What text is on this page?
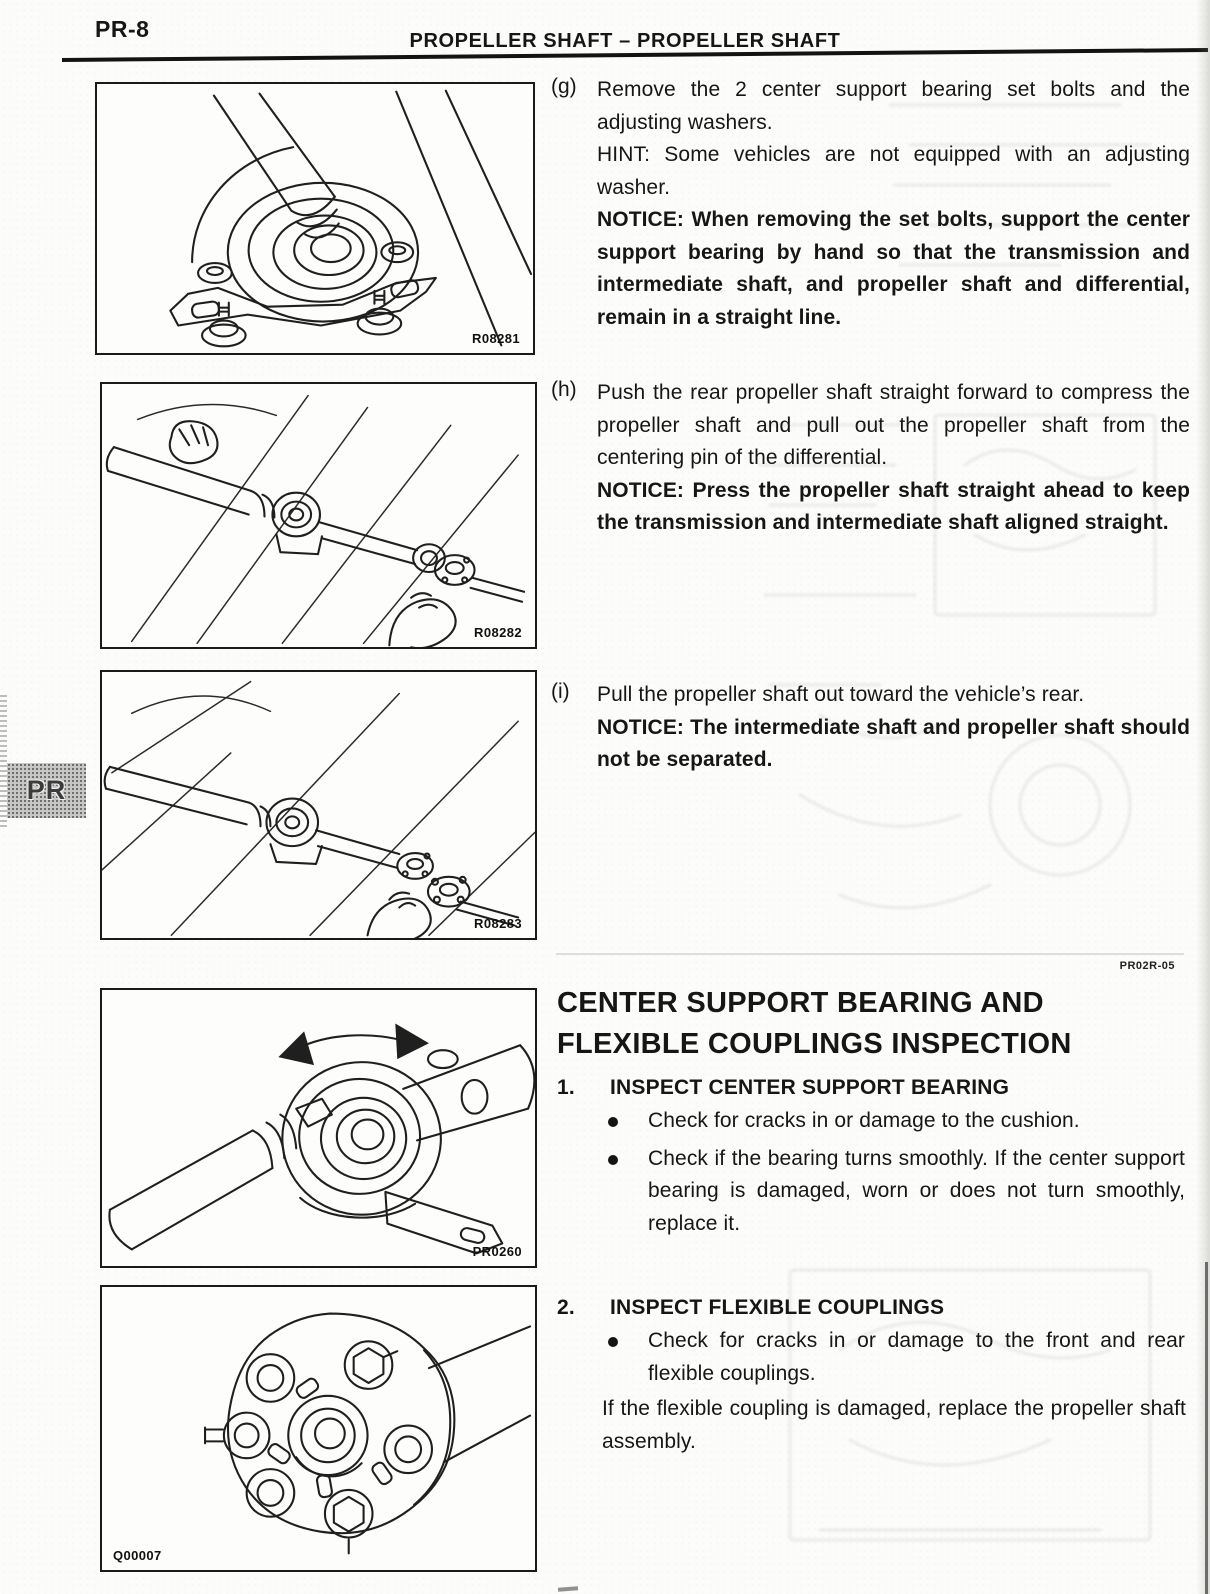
PR-8	PROPELLER SHAFT – PROPELLER SHAFT
PR
R08281
R08282
R08283
PR0260
Q00007
(g) Remove the 2 center support bearing set bolts and the adjusting washers.

HINT: Some vehicles are not equipped with an adjusting washer.

NOTICE: When removing the set bolts, support the center support bearing by hand so that the transmission and intermediate shaft, and propeller shaft and differential, remain in a straight line.

(h) Push the rear propeller shaft straight forward to compress the propeller shaft and pull out the propeller shaft from the centering pin of the differential.

NOTICE: Press the propeller shaft straight ahead to keep the transmission and intermediate shaft aligned straight.

(i) Pull the propeller shaft out toward the vehicle’s rear.

NOTICE: The intermediate shaft and propeller shaft should not be separated.

PR02R-05
CENTER SUPPORT BEARING AND
FLEXIBLE COUPLINGS INSPECTION
1.	INSPECT CENTER SUPPORT BEARING
Check for cracks in or damage to the cushion.
Check if the bearing turns smoothly. If the center support bearing is damaged, worn or does not turn smoothly, replace it.
2.	INSPECT FLEXIBLE COUPLINGS
Check for cracks in or damage to the front and rear flexible couplings.
If the flexible coupling is damaged, replace the propeller shaft assembly.
